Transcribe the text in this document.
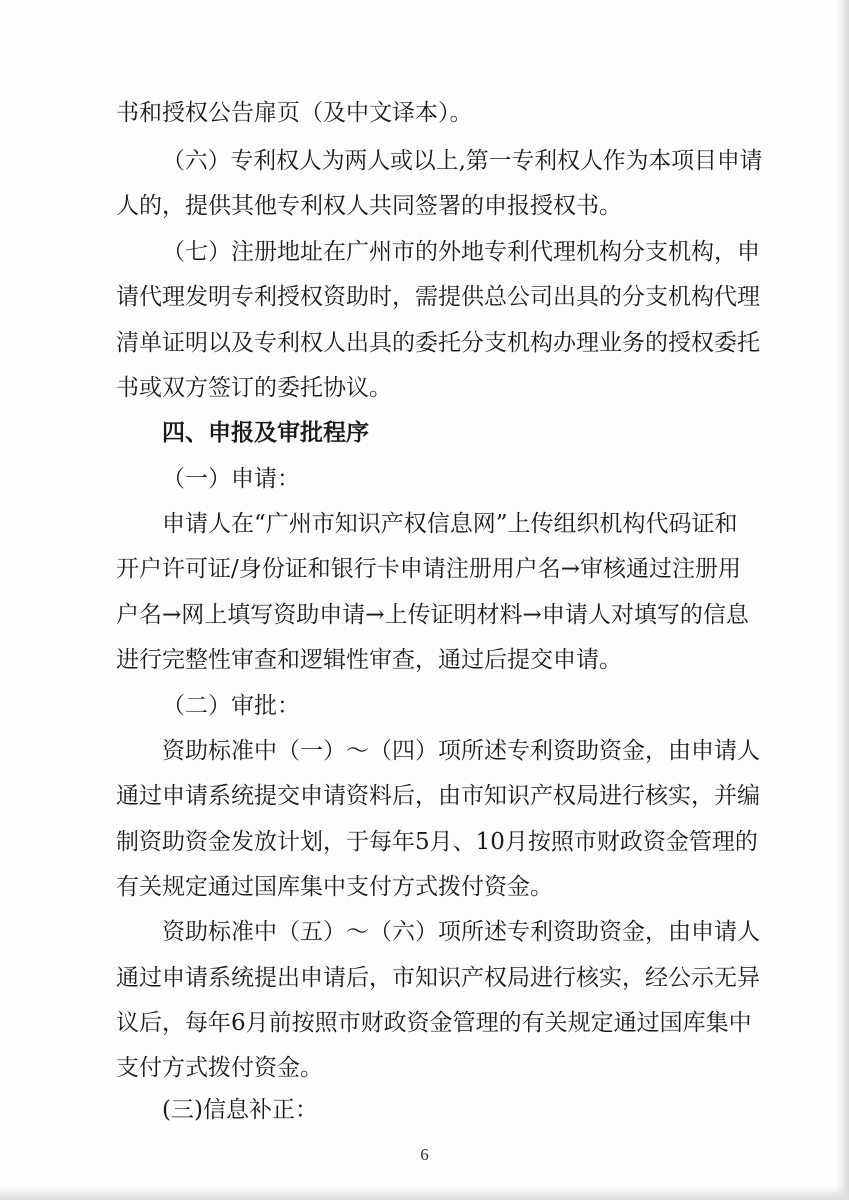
书和授权公告扉页（及中文译本）。
（六）专利权人为两人或以上,第一专利权人作为本项目申请
人的，提供其他专利权人共同签署的申报授权书。
（七）注册地址在广州市的外地专利代理机构分支机构，申
请代理发明专利授权资助时，需提供总公司出具的分支机构代理
清单证明以及专利权人出具的委托分支机构办理业务的授权委托
书或双方签订的委托协议。
四、申报及审批程序
（一）申请：
申请人在“广州市知识产权信息网”上传组织机构代码证和
开户许可证/身份证和银行卡申请注册用户名→审核通过注册用
户名→网上填写资助申请→上传证明材料→申请人对填写的信息
进行完整性审查和逻辑性审查，通过后提交申请。
（二）审批：
资助标准中（一）～（四）项所述专利资助资金，由申请人
通过申请系统提交申请资料后，由市知识产权局进行核实，并编
制资助资金发放计划，于每年5月、10月按照市财政资金管理的
有关规定通过国库集中支付方式拨付资金。
资助标准中（五）～（六）项所述专利资助资金，由申请人
通过申请系统提出申请后，市知识产权局进行核实，经公示无异
议后，每年6月前按照市财政资金管理的有关规定通过国库集中
支付方式拨付资金。
(三)信息补正：
6
